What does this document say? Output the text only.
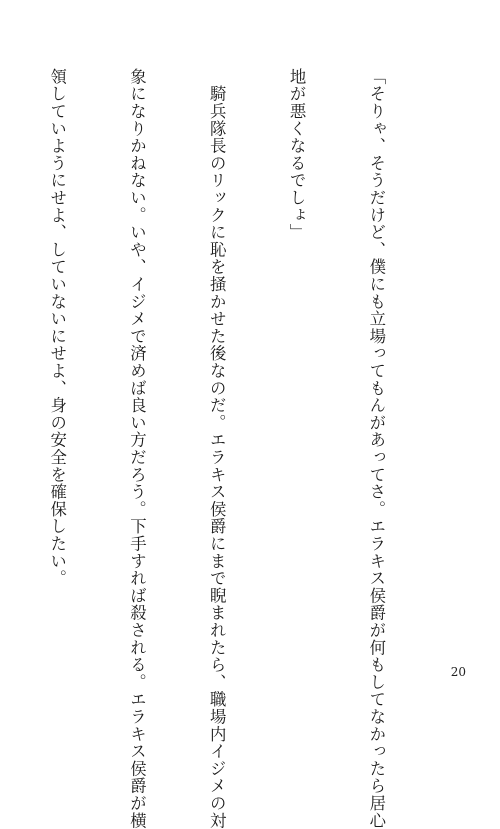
「そりゃ、そうだけど、僕にも立場ってもんがあってさ。エラキス侯爵が何もしてなかったら居心

地が悪くなるでしょ」

　騎兵隊長のリックに恥を掻かせた後なのだ。エラキス侯爵にまで睨まれたら、職場内イジメの対

象になりかねない。いや、イジメで済めば良い方だろう。下手すれば殺される。エラキス侯爵が横

領していようにせよ、していないにせよ、身の安全を確保したい。

20
